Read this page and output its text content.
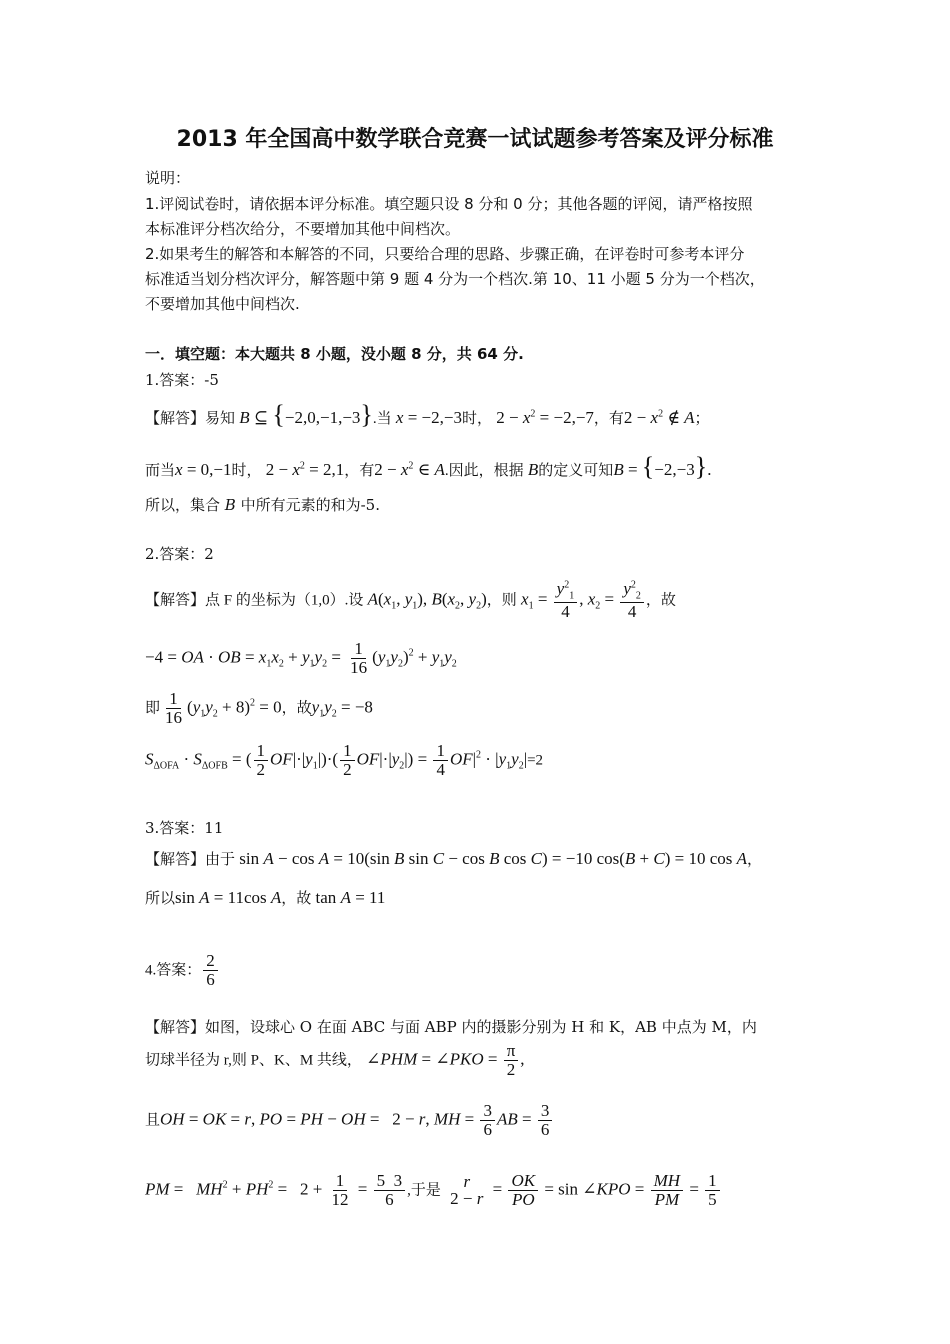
2013 年全国高中数学联合竞赛一试试题参考答案及评分标准
说明：
1.评阅试卷时，请依据本评分标准。填空题只设 8 分和 0 分；其他各题的评阅，请严格按照
本标准评分档次给分，不要增加其他中间档次。
2.如果考生的解答和本解答的不同，只要给合理的思路、步骤正确，在评卷时可参考本评分
标准适当划分档次评分，解答题中第 9 题 4 分为一个档次.第 10、11 小题 5 分为一个档次，
不要增加其他中间档次.
一．填空题：本大题共 8 小题，没小题 8 分，共 64 分.
1.答案：-5
【解答】易知 B ⊆ {−2,0,−1,−3}.当 x = −2,−3时， $2 - x^2 = -2,-7$，有$2 - x^2$ ∉ A；
而当x = 0,−1时， $2 - x^2 = 2,1$，有$2 - x^2$ ∈ A.因此，根据 B的定义可知B = {−2,−3}.
所以，集合 B 中所有元素的和为-5.
2.答案：2
【解答】点 F 的坐标为（1,0）.设 $A(x_1$, $y_1$), $B(x_2$, $y_2$)，则 $x_1 = \frac{y^2_1}{4}$ , $x_2 = \frac{y^2_2}{4}$ ，故
−4 = OA · OB = $x_1x_2 + y_1y_2 = \frac{1}{16} (y_1y_2)^2 + y_1y_2$
即 $\frac{1}{16} (y_1y_2 + 8)^2 = 0$，故$y_1y_2 = -8$
$S_{\Delta OFA} \cdot S_{\Delta OFB}$ = ( $\frac{1}{2} OF|\cdot|y_1|)\cdot( \frac{1}{2} OF|\cdot|y_2|) = \frac{1}{4} OF|^2 \cdot |y_1y_2|=2$
3.答案：11
【解答】由于 sin A − cos A = 10(sin B sin C − cos B cos C) = −10 cos(B + C) = 10 cos A，
所以sin A = 11cos A，故 tan A = 11
4.答案： $\frac{2}{6}$
【解答】如图，设球心 O 在面 ABC 与面 ABP 内的摄影分别为 H 和 K，AB 中点为 M，内
切球半径为 r,则 P、K、M 共线， ∠PHM = ∠PKO = $\frac{\pi}{2}$ ,
且OH = OK = r, PO = PH − OH =   2 − r, MH = $\frac{3}{6}$ AB = $\frac{3}{6}$
PM =   $MH^2 + PH^2 = 2 + \frac{1}{12} = \frac{5 3}{6}$ ,于是 r
2 − r
= $\frac{OK}{PO} = \sin$ ∠KPO = $\frac{MH}{PM} = \frac{1}{5}$
